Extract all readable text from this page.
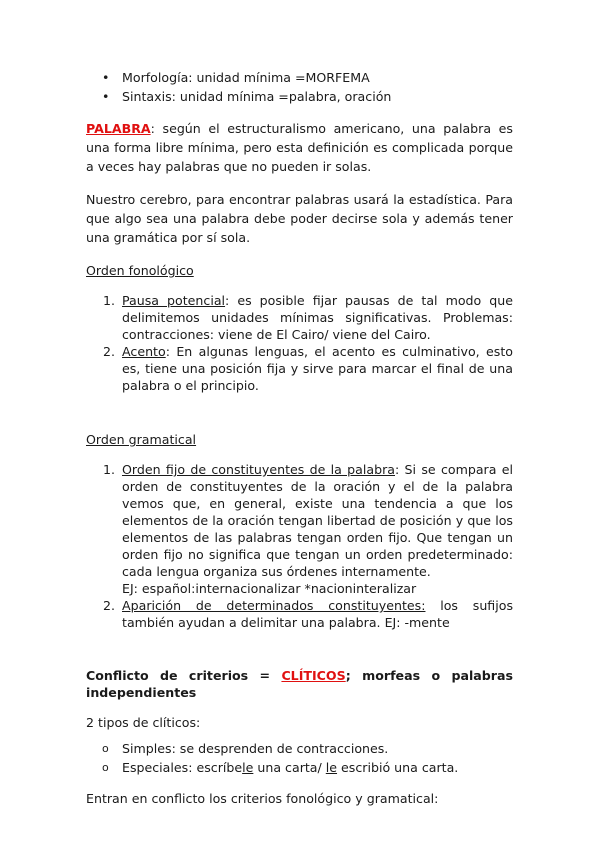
• Morfología: unidad mínima =MORFEMA
• Sintaxis: unidad mínima =palabra, oración

PALABRA: según el estructuralismo americano, una palabra es una forma libre mínima, pero esta definición es complicada porque a veces hay palabras que no pueden ir solas.

Nuestro cerebro, para encontrar palabras usará la estadística. Para que algo sea una palabra debe poder decirse sola y además tener una gramática por sí sola.

Orden fonológico

1. Pausa potencial: es posible fijar pausas de tal modo que delimitemos unidades mínimas significativas. Problemas: contracciones: viene de El Cairo/ viene del Cairo.
2. Acento: En algunas lenguas, el acento es culminativo, esto es, tiene una posición fija y sirve para marcar el final de una palabra o el principio.

Orden gramatical

1. Orden fijo de constituyentes de la palabra: Si se compara el orden de constituyentes de la oración y el de la palabra vemos que, en general, existe una tendencia a que los elementos de la oración tengan libertad de posición y que los elementos de las palabras tengan orden fijo. Que tengan un orden fijo no significa que tengan un orden predeterminado: cada lengua organiza sus órdenes internamente.
EJ: español:internacionalizar *nacioninteralizar
2. Aparición de determinados constituyentes: los sufijos también ayudan a delimitar una palabra. EJ: -mente
Conflicto de criterios = CLÍTICOS; morfeas o palabras independientes

2 tipos de clíticos:

o Simples: se desprenden de contracciones.
o Especiales: escríbele una carta/ le escribió una carta.

Entran en conflicto los criterios fonológico y gramatical:
